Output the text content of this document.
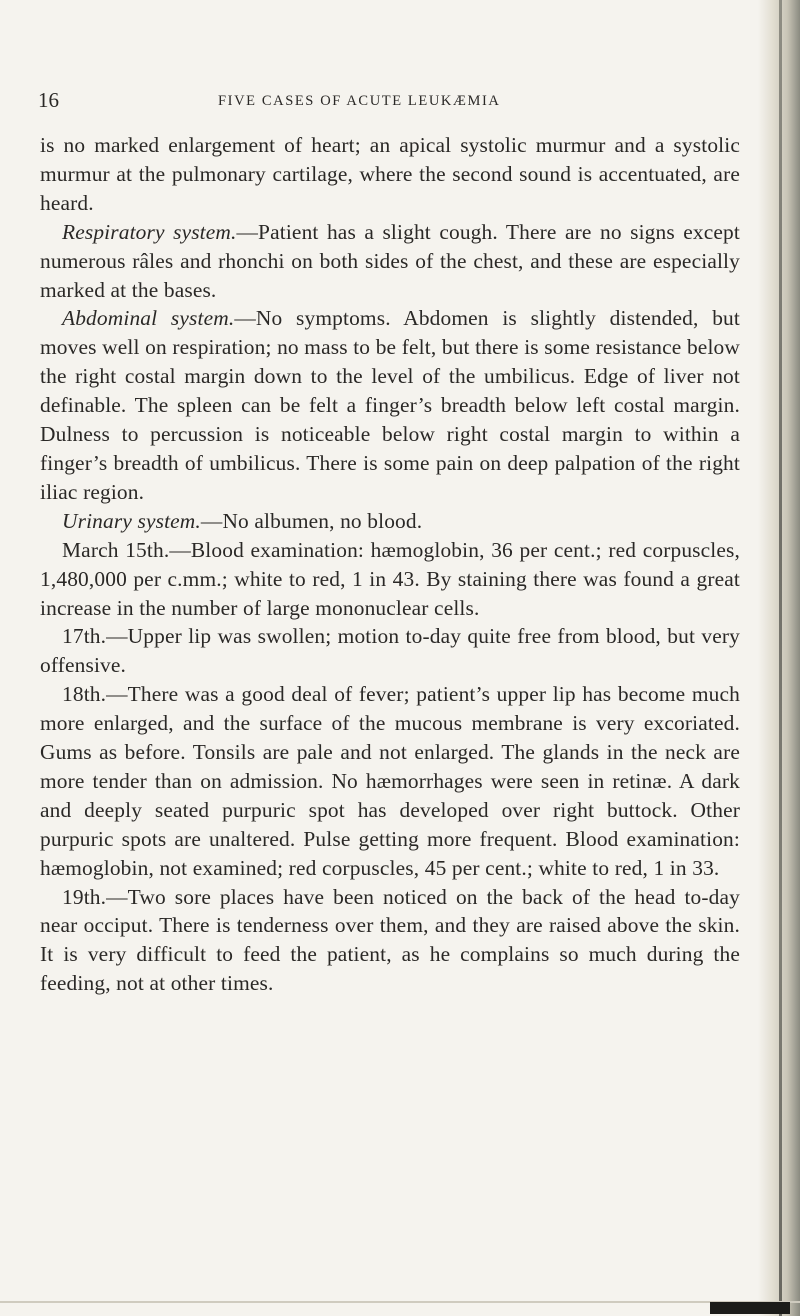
16	FIVE CASES OF ACUTE LEUKÆMIA

is no marked enlargement of heart; an apical systolic murmur and a systolic murmur at the pulmonary cartilage, where the second sound is accentuated, are heard.

Respiratory system.—Patient has a slight cough. There are no signs except numerous râles and rhonchi on both sides of the chest, and these are especially marked at the bases.

Abdominal system.—No symptoms. Abdomen is slightly distended, but moves well on respiration; no mass to be felt, but there is some resistance below the right costal margin down to the level of the umbilicus. Edge of liver not definable. The spleen can be felt a finger’s breadth below left costal margin. Dulness to percussion is noticeable below right costal margin to within a finger’s breadth of umbilicus. There is some pain on deep palpation of the right iliac region.

Urinary system.—No albumen, no blood.

March 15th.—Blood examination: hæmoglobin, 36 per cent.; red corpuscles, 1,480,000 per c.mm.; white to red, 1 in 43. By staining there was found a great increase in the number of large mononuclear cells.

17th.—Upper lip was swollen; motion to-day quite free from blood, but very offensive.

18th.—There was a good deal of fever; patient’s upper lip has become much more enlarged, and the surface of the mucous membrane is very excoriated. Gums as before. Tonsils are pale and not enlarged. The glands in the neck are more tender than on admission. No hæmorrhages were seen in retinæ. A dark and deeply seated purpuric spot has developed over right buttock. Other purpuric spots are unaltered. Pulse getting more frequent. Blood examination: hæmoglobin, not examined; red corpuscles, 45 per cent.; white to red, 1 in 33.

19th.—Two sore places have been noticed on the back of the head to-day near occiput. There is tenderness over them, and they are raised above the skin. It is very difficult to feed the patient, as he complains so much during the feeding, not at other times.
